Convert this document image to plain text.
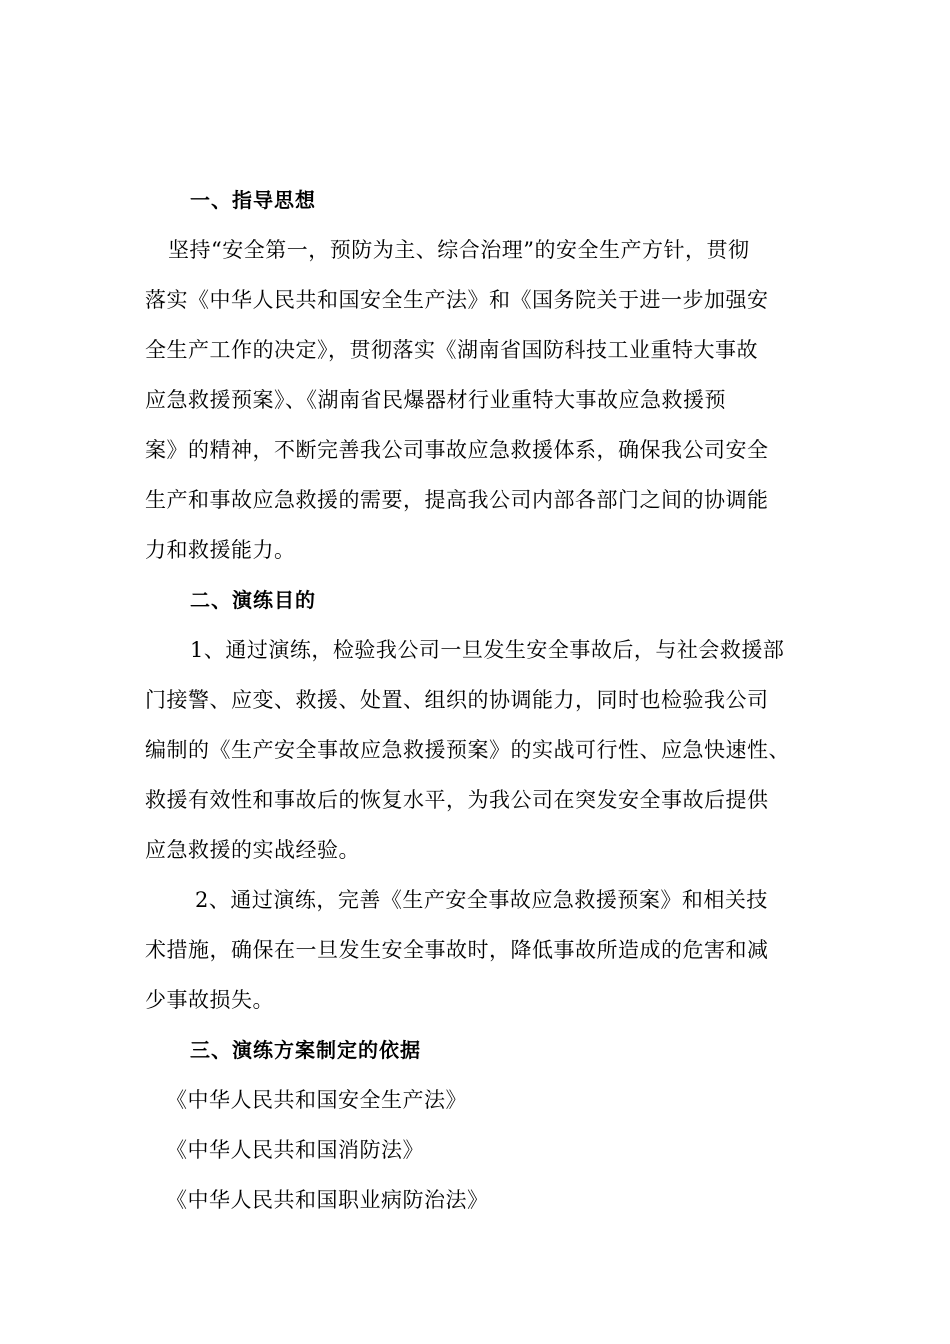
一、指导思想
坚持“安全第一，预防为主、综合治理”的安全生产方针，贯彻
落实《中华人民共和国安全生产法》和《国务院关于进一步加强安
全生产工作的决定》，贯彻落实《湖南省国防科技工业重特大事故
应急救援预案》、《湖南省民爆器材行业重特大事故应急救援预
案》的精神，不断完善我公司事故应急救援体系，确保我公司安全
生产和事故应急救援的需要，提高我公司内部各部门之间的协调能
力和救援能力。
二、演练目的
1、通过演练，检验我公司一旦发生安全事故后，与社会救援部
门接警、应变、救援、处置、组织的协调能力，同时也检验我公司
编制的《生产安全事故应急救援预案》的实战可行性、应急快速性、
救援有效性和事故后的恢复水平，为我公司在突发安全事故后提供
应急救援的实战经验。
2、通过演练，完善《生产安全事故应急救援预案》和相关技
术措施，确保在一旦发生安全事故时，降低事故所造成的危害和减
少事故损失。
三、演练方案制定的依据
《中华人民共和国安全生产法》
《中华人民共和国消防法》
《中华人民共和国职业病防治法》
